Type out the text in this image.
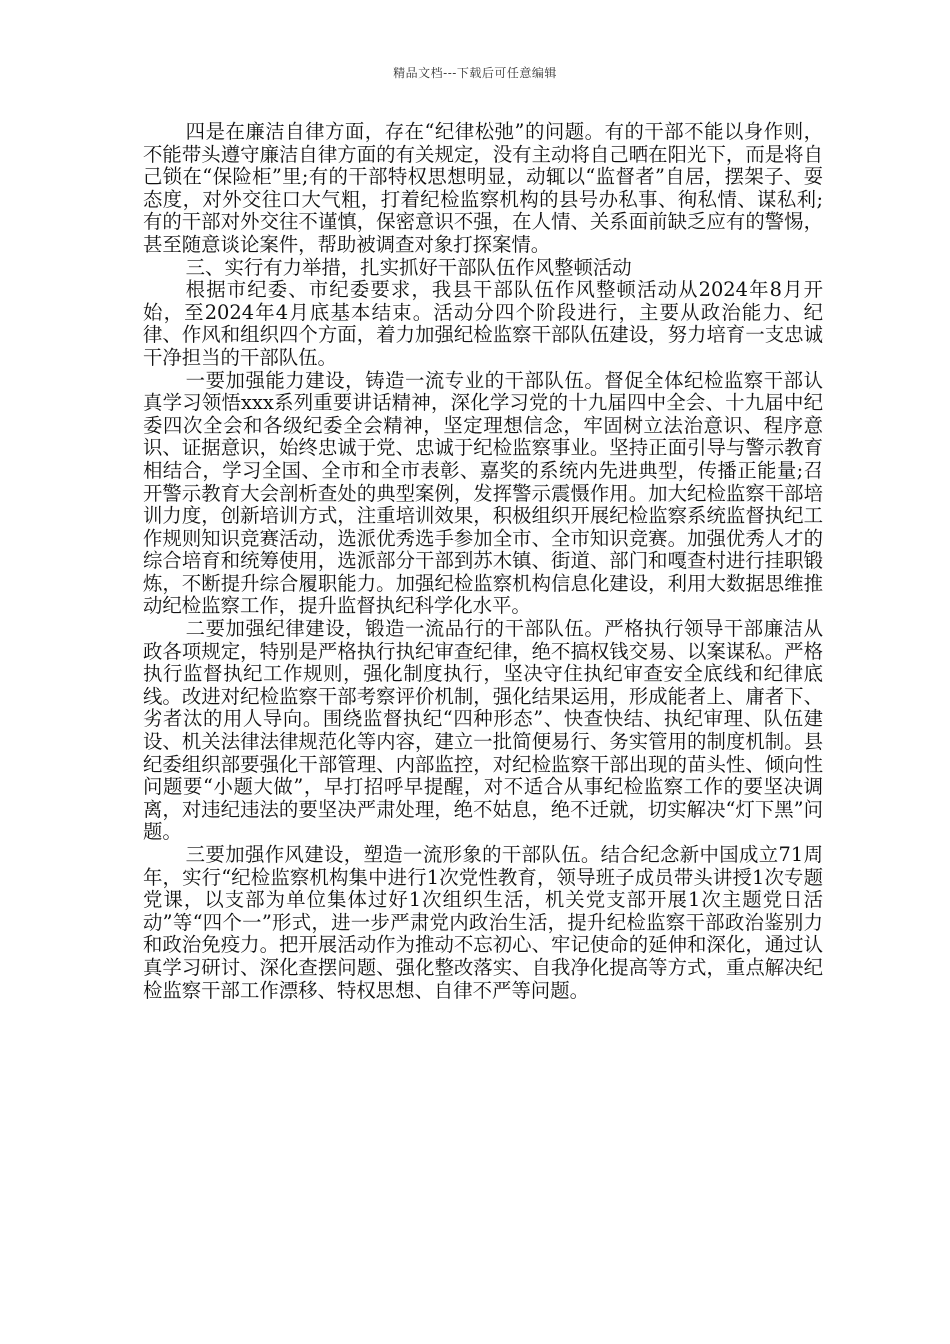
精品文档---下载后可任意编辑

四是在廉洁自律方面，存在“纪律松弛”的问题。有的干部不能以身作则，不能带头遵守廉洁自律方面的有关规定，没有主动将自己晒在阳光下，而是将自己锁在“保险柜”里;有的干部特权思想明显，动辄以“监督者”自居，摆架子、耍态度，对外交往口大气粗，打着纪检监察机构的县号办私事、徇私情、谋私利;有的干部对外交往不谨慎，保密意识不强，在人情、关系面前缺乏应有的警惕，甚至随意谈论案件，帮助被调查对象打探案情。

三、实行有力举措，扎实抓好干部队伍作风整顿活动

根据市纪委、市纪委要求，我县干部队伍作风整顿活动从2024年8月开始，至2024年4月底基本结束。活动分四个阶段进行，主要从政治能力、纪律、作风和组织四个方面，着力加强纪检监察干部队伍建设，努力培育一支忠诚干净担当的干部队伍。

一要加强能力建设，铸造一流专业的干部队伍。督促全体纪检监察干部认真学习领悟xxx系列重要讲话精神，深化学习党的十九届四中全会、十九届中纪委四次全会和各级纪委全会精神，坚定理想信念，牢固树立法治意识、程序意识、证据意识，始终忠诚于党、忠诚于纪检监察事业。坚持正面引导与警示教育相结合，学习全国、全市和全市表彰、嘉奖的系统内先进典型，传播正能量;召开警示教育大会剖析查处的典型案例，发挥警示震慑作用。加大纪检监察干部培训力度，创新培训方式，注重培训效果，积极组织开展纪检监察系统监督执纪工作规则知识竞赛活动，选派优秀选手参加全市、全市知识竞赛。加强优秀人才的综合培育和统筹使用，选派部分干部到苏木镇、街道、部门和嘎查村进行挂职锻炼，不断提升综合履职能力。加强纪检监察机构信息化建设，利用大数据思维推动纪检监察工作，提升监督执纪科学化水平。

二要加强纪律建设，锻造一流品行的干部队伍。严格执行领导干部廉洁从政各项规定，特别是严格执行执纪审查纪律，绝不搞权钱交易、以案谋私。严格执行监督执纪工作规则，强化制度执行，坚决守住执纪审查安全底线和纪律底线。改进对纪检监察干部考察评价机制，强化结果运用，形成能者上、庸者下、劣者汰的用人导向。围绕监督执纪“四种形态”、快查快结、执纪审理、队伍建设、机关法律法律规范化等内容，建立一批简便易行、务实管用的制度机制。县纪委组织部要强化干部管理、内部监控，对纪检监察干部出现的苗头性、倾向性问题要“小题大做”，早打招呼早提醒，对不适合从事纪检监察工作的要坚决调离，对违纪违法的要坚决严肃处理，绝不姑息，绝不迁就，切实解决“灯下黑”问题。

三要加强作风建设，塑造一流形象的干部队伍。结合纪念新中国成立71周年，实行“纪检监察机构集中进行1次党性教育，领导班子成员带头讲授1次专题党课，以支部为单位集体过好1次组织生活，机关党支部开展1次主题党日活动”等“四个一”形式，进一步严肃党内政治生活，提升纪检监察干部政治鉴别力和政治免疫力。把开展活动作为推动不忘初心、牢记使命的延伸和深化，通过认真学习研讨、深化查摆问题、强化整改落实、自我净化提高等方式，重点解决纪检监察干部工作漂移、特权思想、自律不严等问题。
